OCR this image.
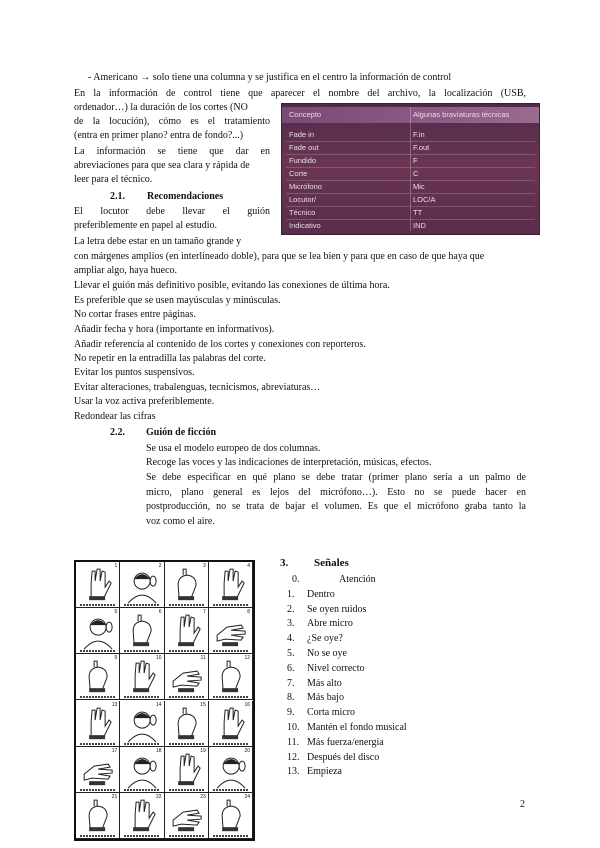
- Americano → solo tiene una columna y se justifica en el centro la información de control
En la información de control tiene que aparecer el nombre del archivo, la localización (USB,
ordenador…) la duración de los cortes (NO
de la locución), cómo es el tratamiento
(entra en primer plano? entra de fondo?...)
La información se tiene que dar en
abreviaciones para que sea clara y rápida de
leer para el técnico.
2.1. Recomendaciones
El locutor debe llevar el guión
preferiblemente en papel al estudio.
La letra debe estar en un tamaño grande y
con márgenes amplios (en interlineado doble), para que se lea bien y para que en caso de que haya que
ampliar algo, haya hueco.
Llevar el guión más definitivo posible, evitando las conexiones de última hora.
Es preferible que se usen mayúsculas y minúsculas.
No cortar frases entre páginas.
Añadir fecha y hora (importante en informativos).
Añadir referencia al contenido de los cortes y conexiones con reporteros.
No repetir en la entradilla las palabras del corte.
Evitar los puntos suspensivos.
Evitar alteraciones, trabalenguas, tecnicismos, abreviaturas…
Usar la voz activa preferiblemente.
Redondear las cifras
2.2. Guión de ficción
Se usa el modelo europeo de dos columnas.
Recoge las voces y las indicaciones de interpretación, músicas, efectos.
Se debe especificar en qué plano se debe tratar (primer plano sería a un palmo de
micro, plano general es lejos del micrófono…). Esto no se puede hacer en
postproducción, no se trata de bajar el volumen. Es que el micrófono graba tanto la
voz como el aire.
Concepto	Algunas bravíaturas técnicas
Fade in	F.in
Fade out	F.out
Fundido	F
Corte	C
Micrófono	Mic
Locutor/	LOC/A
Técnico	TT
Indicativo	IND
1	2	3	4
5	6	7	8
9	10	11	12
13	14	15	16
17	18	19	20
21	22	23	24
3. Señales
0.	Atención
1. Dentro
2. Se oyen ruidos
3. Abre micro
4. ¿Se oye?
5. No se oye
6. Nivel correcto
7. Más alto
8. Más bajo
9. Corta micro
10. Mantén el fondo musical
11. Más fuerza/energía
12. Después del disco
13. Empieza
2
